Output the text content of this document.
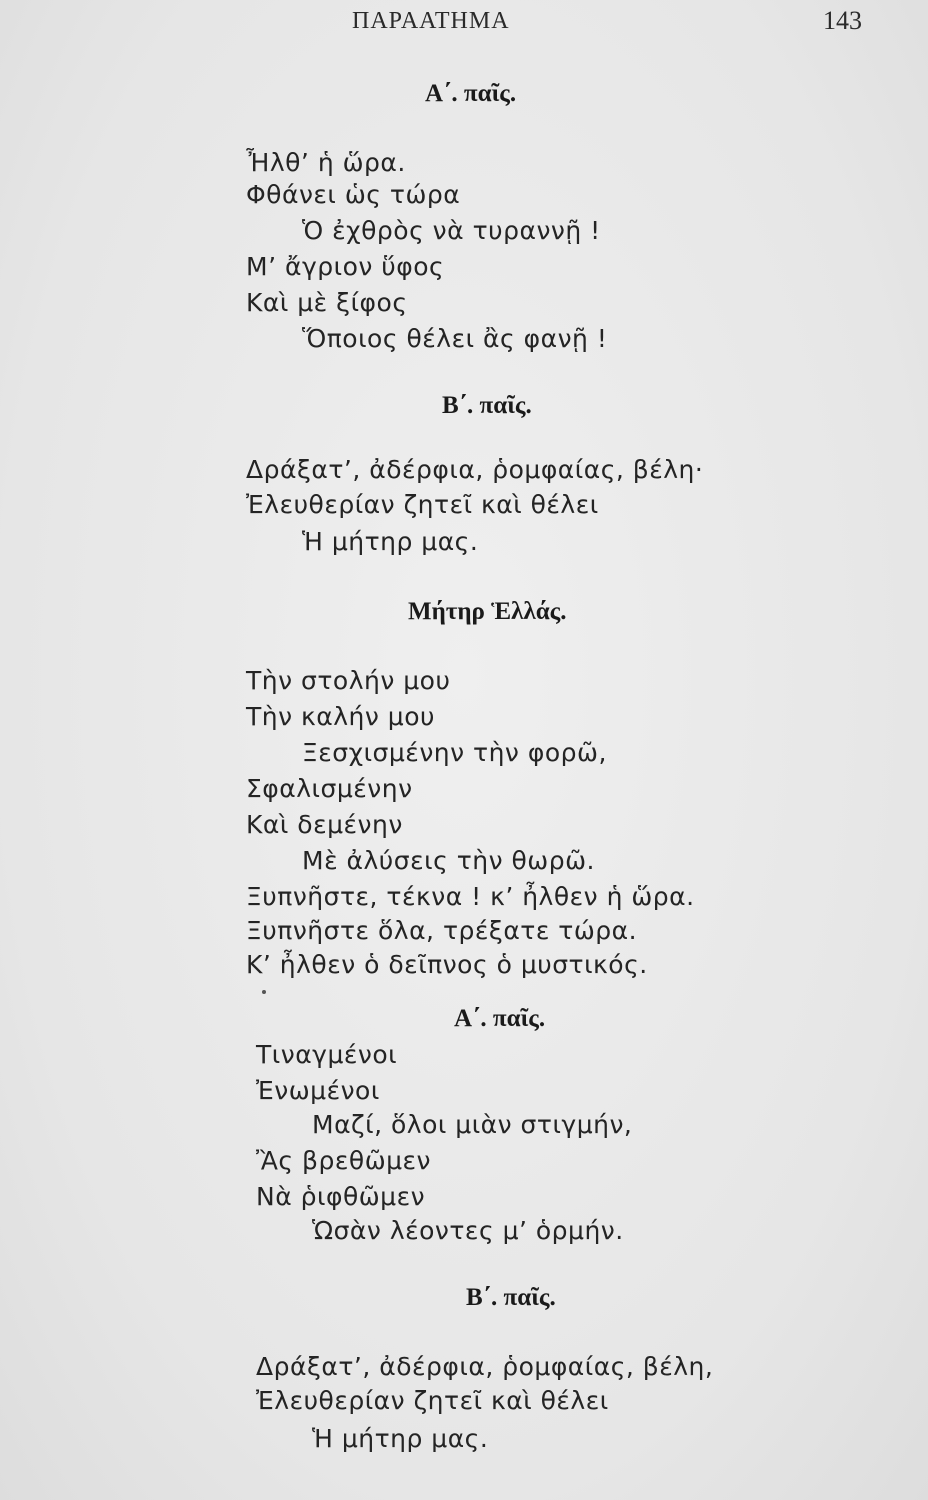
ΠΑΡΑΑΤΗΜΑ	143
Α΄. παῖς.
Ἦλθ’ ἡ ὥρα.
Φθάνει ὡς τώρα
Ὁ ἐχθρὸς νὰ τυραννῇ !
Μ’ ἄγριον ὕφος
Καὶ μὲ ξίφος
Ὅποιος θέλει ἂς φανῇ !
Β΄. παῖς.
Δράξατ’, ἀδέρφια, ῥομφαίας, βέλη·
Ἐλευθερίαν ζητεῖ καὶ θέλει
Ἡ μήτηρ μας.
Μήτηρ Ἑλλάς.
Τὴν στολήν μου
Τὴν καλήν μου
Ξεσχισμένην τὴν φορῶ,
Σφαλισμένην
Καὶ δεμένην
Μὲ ἀλύσεις τὴν θωρῶ.
Ξυπνῆστε, τέκνα ! κ’ ἦλθεν ἡ ὥρα.
Ξυπνῆστε ὅλα, τρέξατε τώρα.
Κ’ ἦλθεν ὁ δεῖπνος ὁ μυστικός.
Α΄. παῖς.
Τιναγμένοι
Ἐνωμένοι
Μαζί, ὅλοι μιὰν στιγμήν,
Ἂς βρεθῶμεν
Νὰ ῥιφθῶμεν
Ὡσὰν λέοντες μ’ ὁρμήν.
Β΄. παῖς.
Δράξατ’, ἀδέρφια, ῥομφαίας, βέλη,
Ἐλευθερίαν ζητεῖ καὶ θέλει
Ἡ μήτηρ μας.
